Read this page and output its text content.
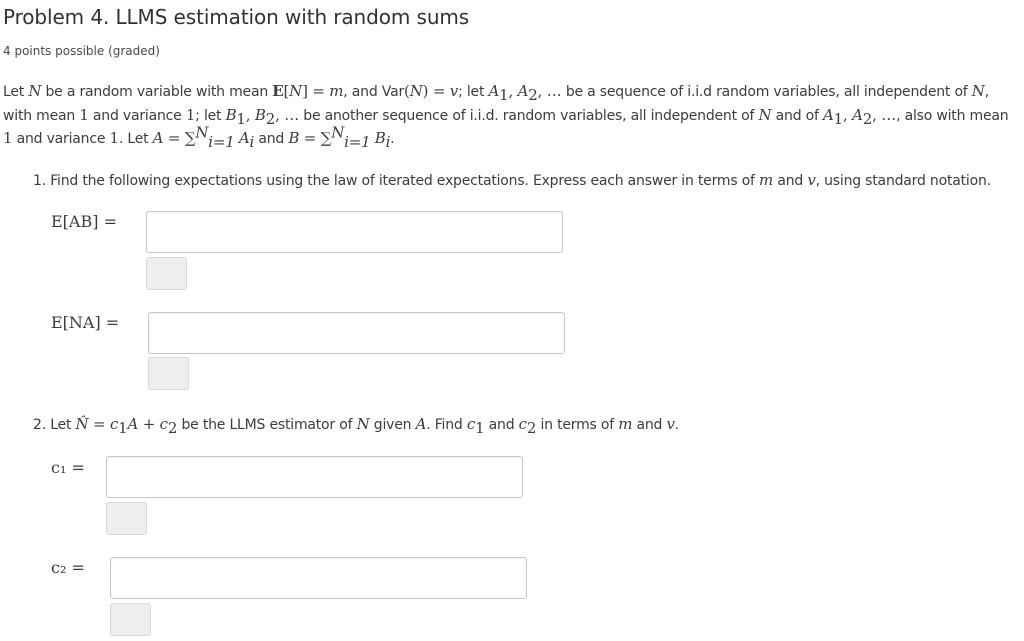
Problem 4. LLMS estimation with random sums
4 points possible (graded)
Let N be a random variable with mean E[N] = m, and Var(N) = v; let $A_1$, $A_2$, … be a sequence of i.i.d random variables, all independent of N, with mean 1 and variance 1; let $B_1$, $B_2$, … be another sequence of i.i.d. random variables, all independent of N and of $A_1$, $A_2$, …, also with mean 1 and variance 1. Let A = ∑$^N_{i=1}$ $A_i$ and B = ∑$^N_{i=1}$ $B_i$.
1. Find the following expectations using the law of iterated expectations. Express each answer in terms of m and v, using standard notation.
E[AB] =
E[NA] =
2. Let N̂ = $c_1A + c_2$ be the LLMS estimator of N given A. Find $c_1$ and $c_2$ in terms of m and v.
c₁ =
c₂ =
